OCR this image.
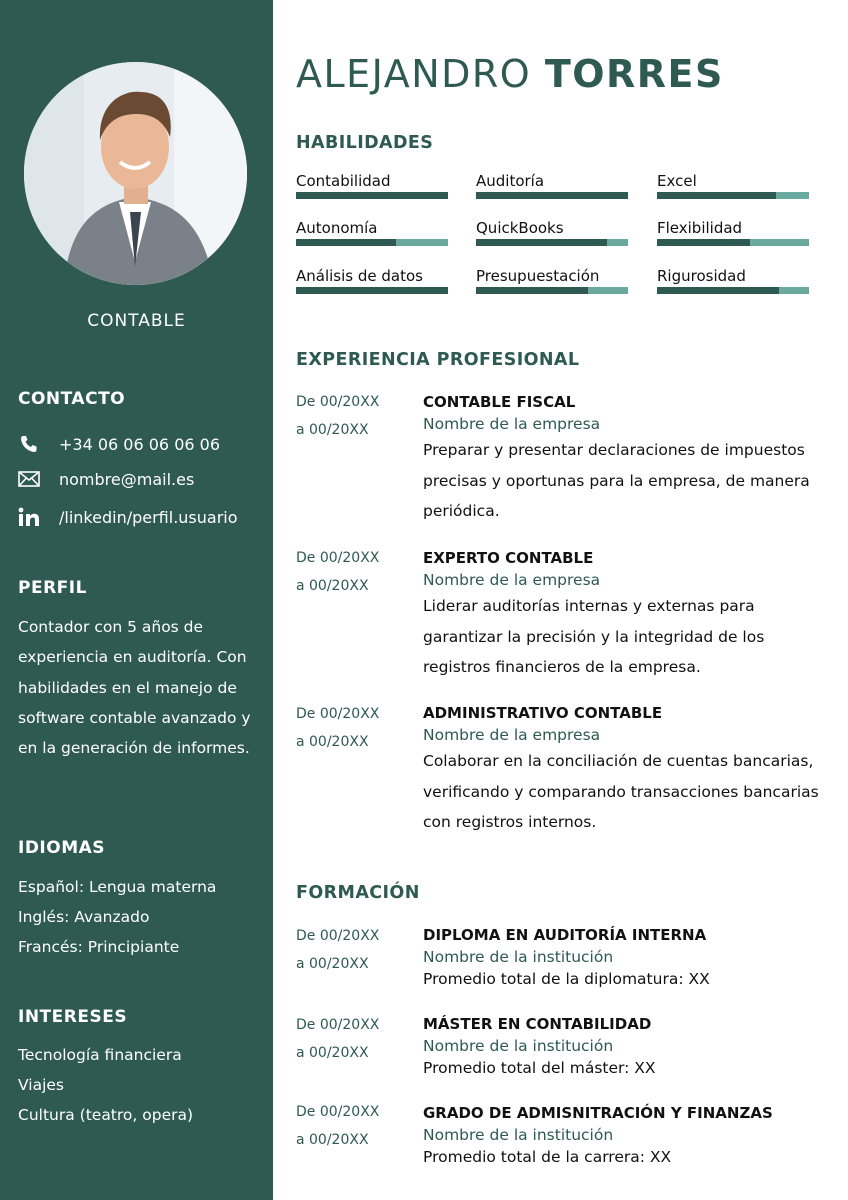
CONTABLE
CONTACTO
+34 06 06 06 06 06
nombre@mail.es
/linkedin/perfil.usuario
PERFIL
Contador con 5 años de experiencia en auditoría. Con habilidades en el manejo de software contable avanzado y en la generación de informes.
IDIOMAS
Español: Lengua materna
Inglés: Avanzado
Francés: Principiante
INTERESES
Tecnología financiera
Viajes
Cultura (teatro, opera)
ALEJANDRO TORRES
HABILIDADES
Contabilidad	Auditoría	Excel
Autonomía	QuickBooks	Flexibilidad
Análisis de datos	Presupuestación	Rigurosidad
EXPERIENCIA PROFESIONAL
De 00/20XX
a 00/20XX
CONTABLE FISCAL
Nombre de la empresa
Preparar y presentar declaraciones de impuestos precisas y oportunas para la empresa, de manera periódica.
De 00/20XX
a 00/20XX
EXPERTO CONTABLE
Nombre de la empresa
Liderar auditorías internas y externas para garantizar la precisión y la integridad de los registros financieros de la empresa.
De 00/20XX
a 00/20XX
ADMINISTRATIVO CONTABLE
Nombre de la empresa
Colaborar en la conciliación de cuentas bancarias, verificando y comparando transacciones bancarias con registros internos.
FORMACIÓN
De 00/20XX
a 00/20XX
DIPLOMA EN AUDITORÍA INTERNA
Nombre de la institución
Promedio total de la diplomatura: XX
De 00/20XX
a 00/20XX
MÁSTER EN CONTABILIDAD
Nombre de la institución
Promedio total del máster: XX
De 00/20XX
a 00/20XX
GRADO DE ADMISNITRACIÓN Y FINANZAS
Nombre de la institución
Promedio total de la carrera: XX
